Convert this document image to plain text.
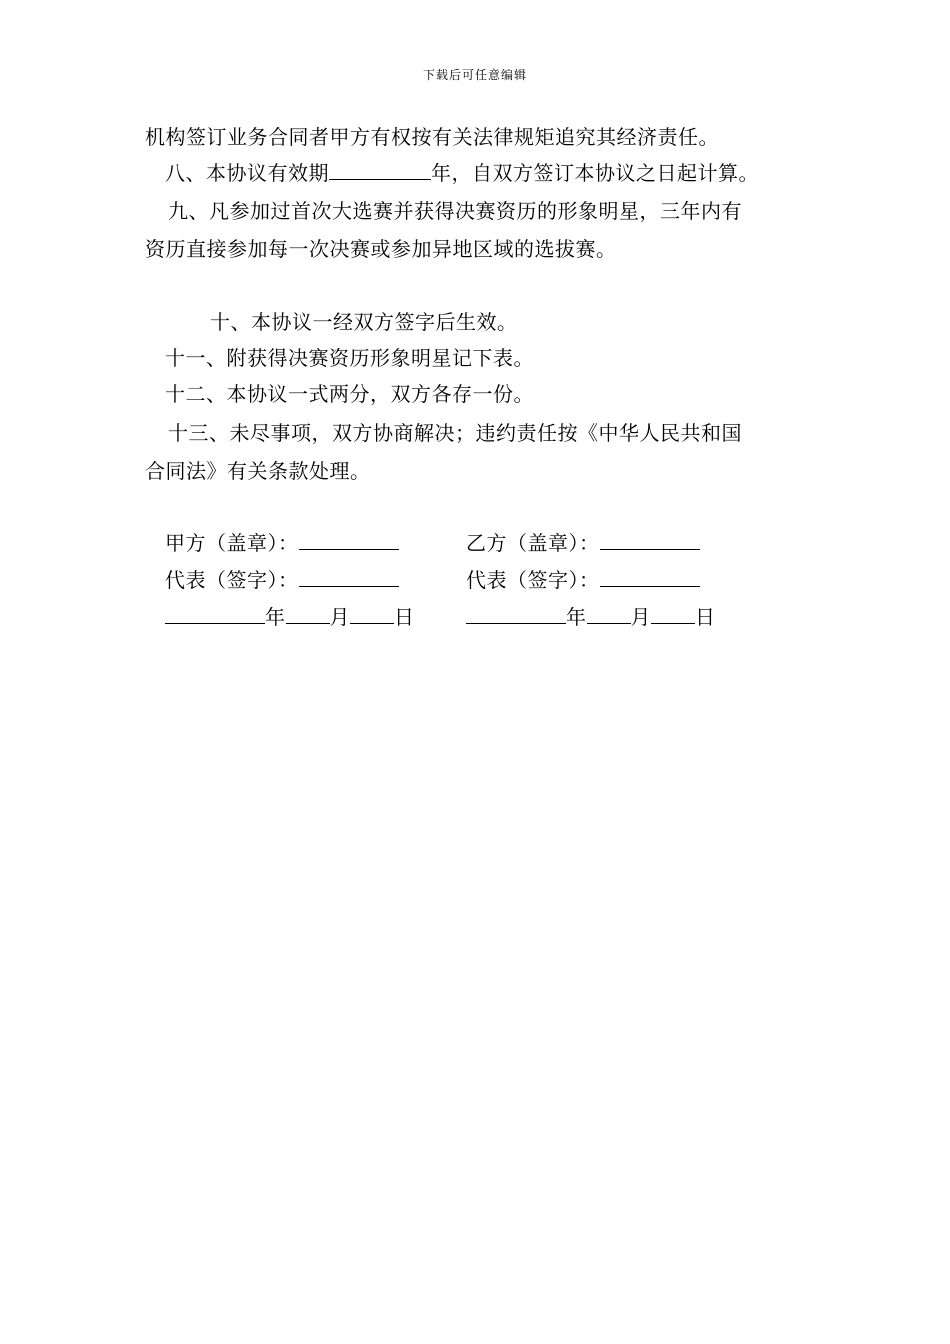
下载后可任意编辑
机构签订业务合同者甲方有权按有关法律规矩追究其经济责任。
八、本协议有效期	年，自双方签订本协议之日起计算。
九、凡参加过首次大选赛并获得决赛资历的形象明星，三年内有
资历直接参加每一次决赛或参加异地区域的选拔赛。
十、本协议一经双方签字后生效。
十一、附获得决赛资历形象明星记下表。
十二、本协议一式两分，双方各存一份。
十三、未尽事项，双方协商解决；违约责任按《中华人民共和国
合同法》有关条款处理。
甲方（盖章）：
代表（签字）：
年 月 日
乙方（盖章）：
代表（签字）：
年 月 日
